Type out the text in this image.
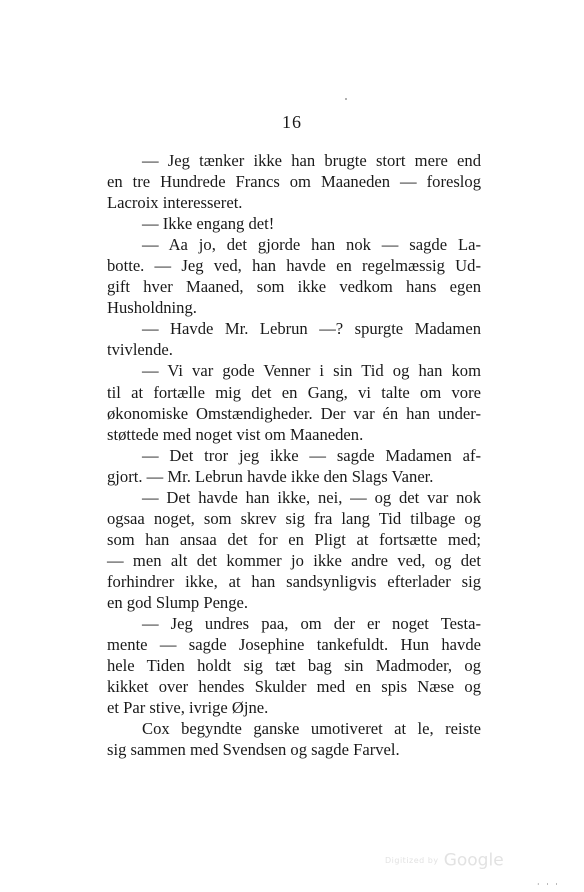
16
— Jeg tænker ikke han brugte stort mere end
en tre Hundrede Francs om Maaneden — foreslog
Lacroix interesseret.
— Ikke engang det!
— Aa jo, det gjorde han nok — sagde La-
botte. — Jeg ved, han havde en regelmæssig Ud-
gift hver Maaned, som ikke vedkom hans egen
Husholdning.
— Havde Mr. Lebrun —? spurgte Madamen
tvivlende.
— Vi var gode Venner i sin Tid og han kom
til at fortælle mig det en Gang, vi talte om vore
økonomiske Omstændigheder. Der var én han under-
støttede med noget vist om Maaneden.
— Det tror jeg ikke — sagde Madamen af-
gjort. — Mr. Lebrun havde ikke den Slags Vaner.
— Det havde han ikke, nei, — og det var nok
ogsaa noget, som skrev sig fra lang Tid tilbage og
som han ansaa det for en Pligt at fortsætte med;
— men alt det kommer jo ikke andre ved, og det
forhindrer ikke, at han sandsynligvis efterlader sig
en god Slump Penge.
— Jeg undres paa, om der er noget Testa-
mente — sagde Josephine tankefuldt. Hun havde
hele Tiden holdt sig tæt bag sin Madmoder, og
kikket over hendes Skulder med en spis Næse og
et Par stive, ivrige Øjne.
Cox begyndte ganske umotiveret at le, reiste
sig sammen med Svendsen og sagde Farvel.
Digitized by Google
· · ·
